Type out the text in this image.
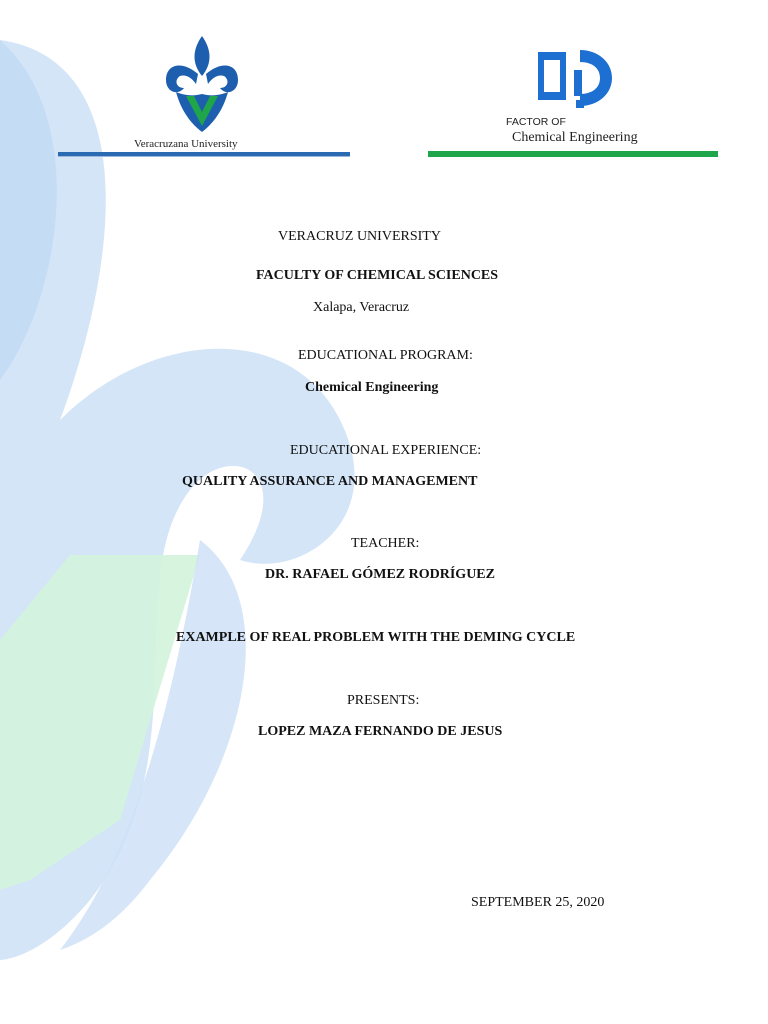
Veracruzana University
FACTOR OF
Chemical Engineering
VERACRUZ UNIVERSITY
FACULTY OF CHEMICAL SCIENCES
Xalapa, Veracruz
EDUCATIONAL PROGRAM:
Chemical Engineering
EDUCATIONAL EXPERIENCE:
QUALITY ASSURANCE AND MANAGEMENT
TEACHER:
DR. RAFAEL GÓMEZ RODRÍGUEZ
EXAMPLE OF REAL PROBLEM WITH THE DEMING CYCLE
PRESENTS:
LOPEZ MAZA FERNANDO DE JESUS
SEPTEMBER 25, 2020
